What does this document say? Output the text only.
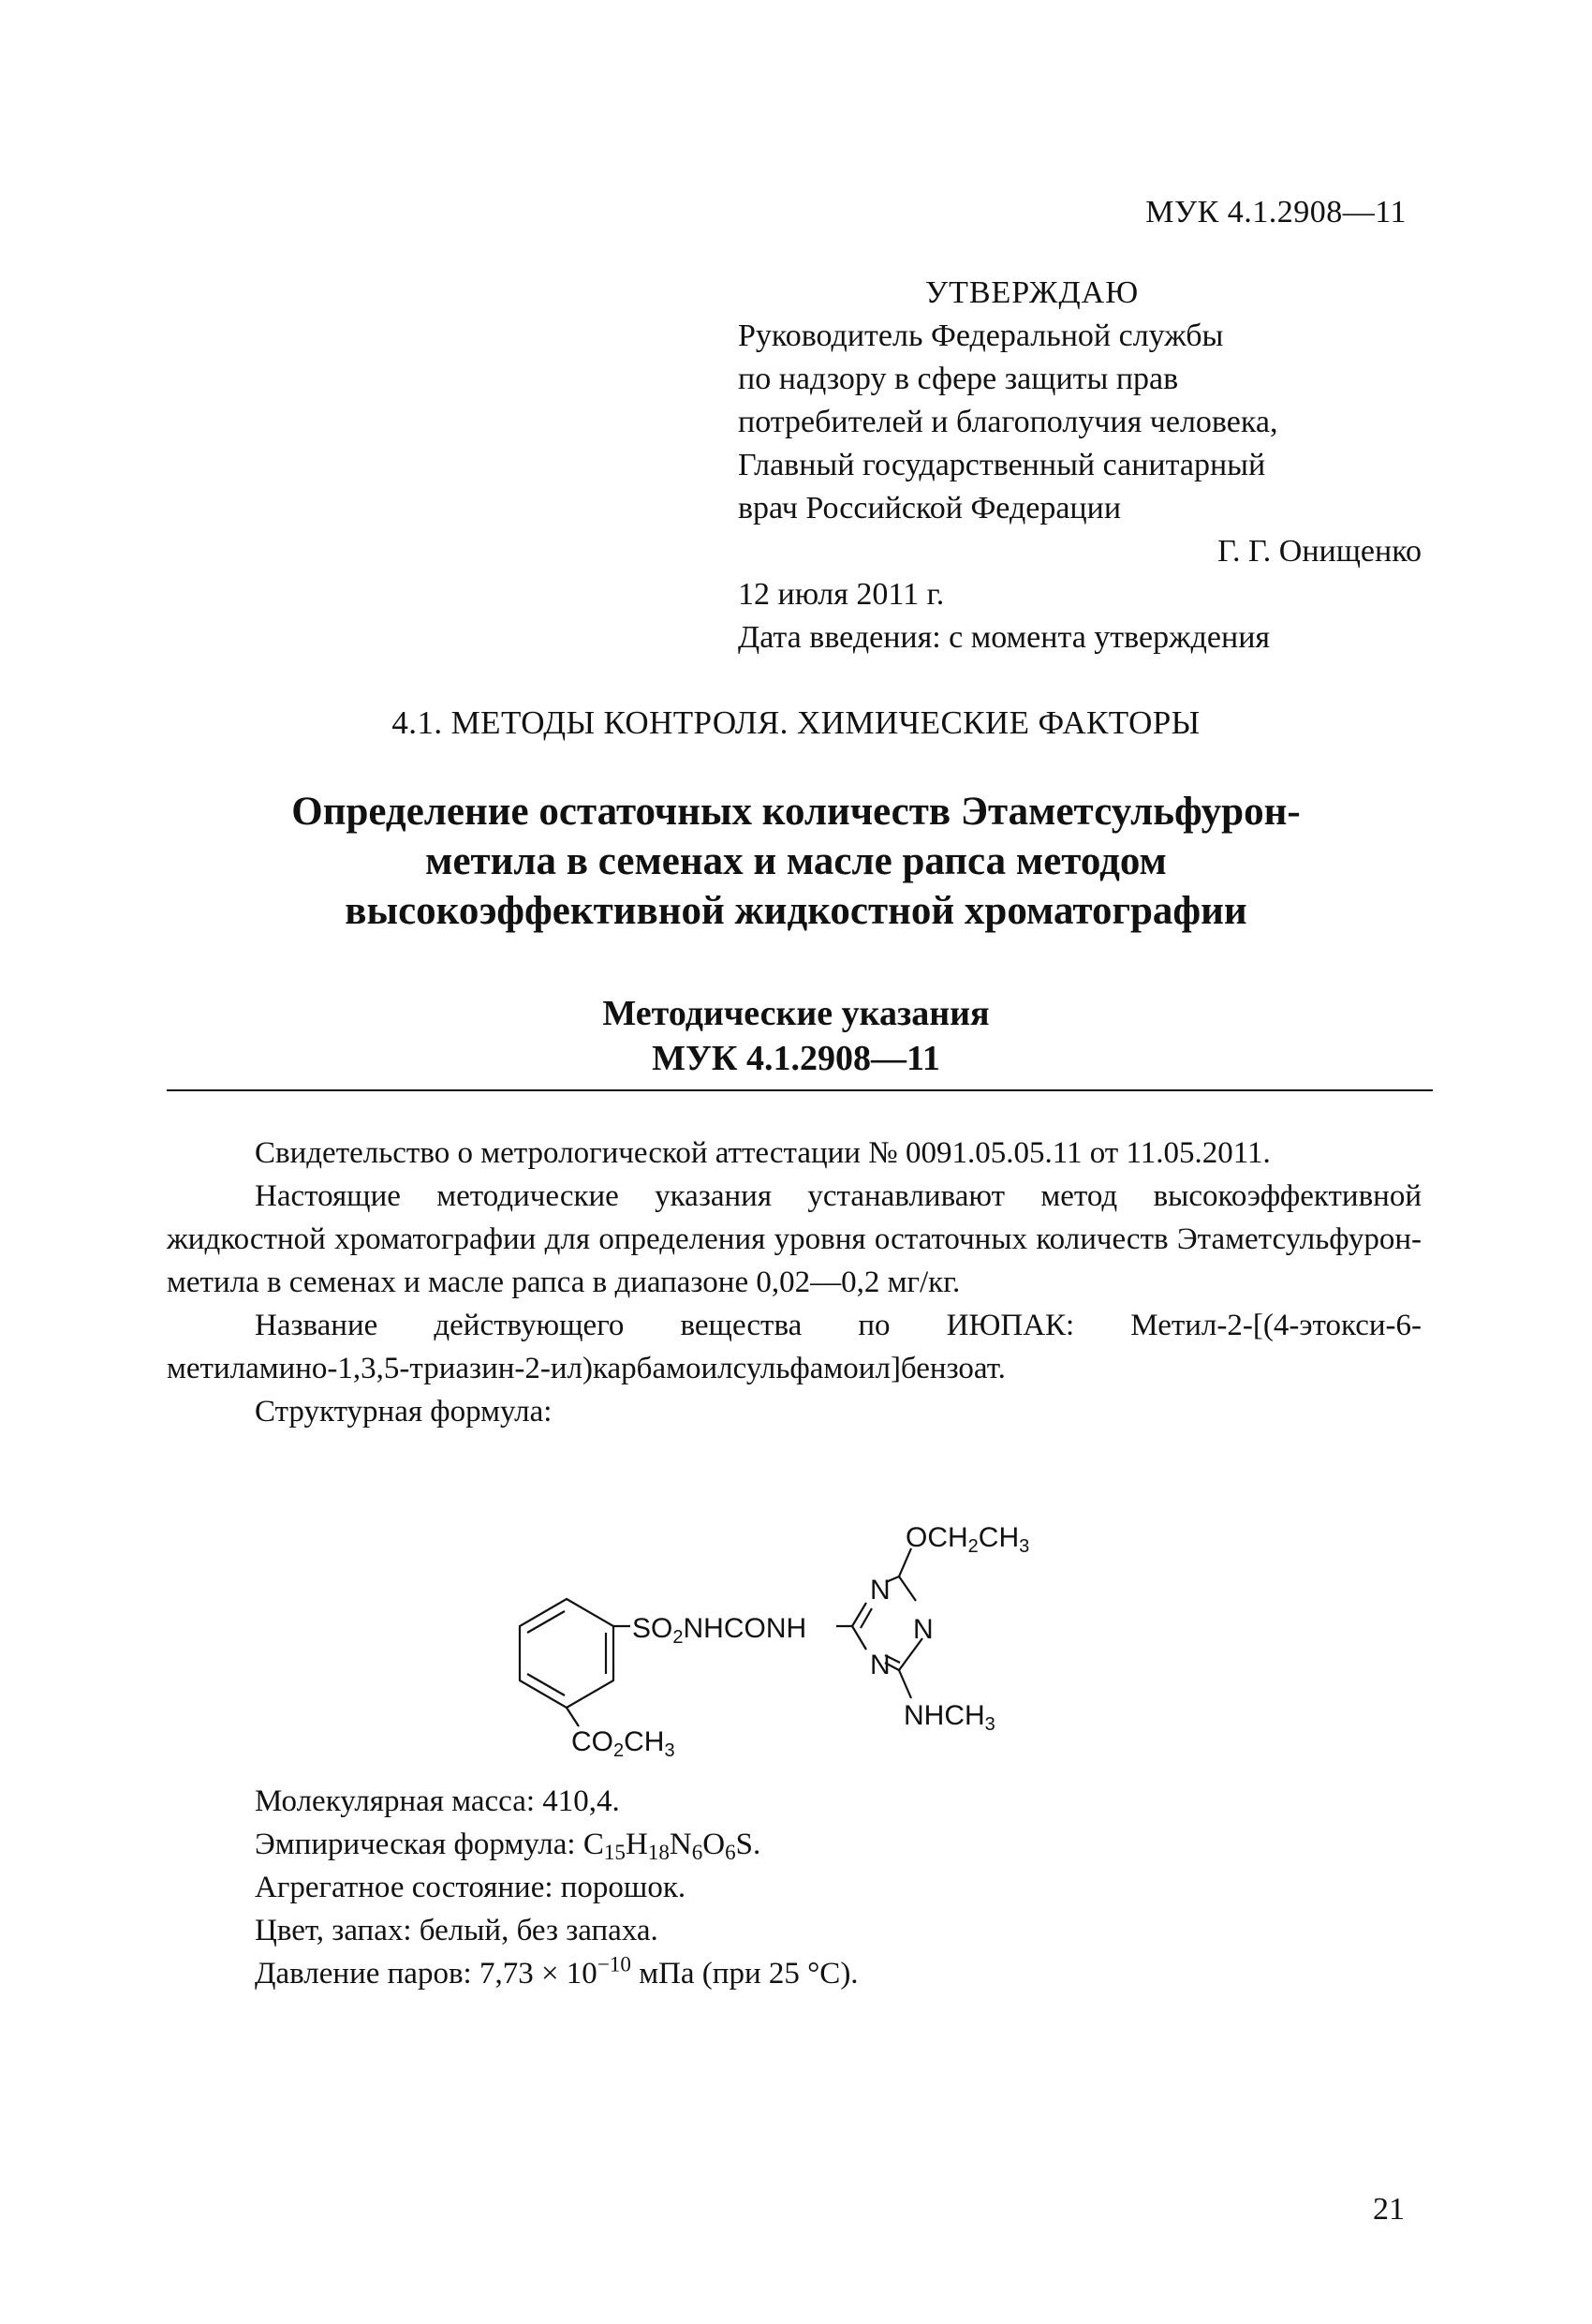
МУК 4.1.2908—11
УТВЕРЖДАЮ
Руководитель Федеральной службы
по надзору в сфере защиты прав
потребителей и благополучия человека,
Главный государственный санитарный
врач Российской Федерации
Г. Г. Онищенко
12 июля 2011 г.
Дата введения: с момента утверждения
4.1. МЕТОДЫ КОНТРОЛЯ. ХИМИЧЕСКИЕ ФАКТОРЫ
Определение остаточных количеств Этаметсульфурон-
метила в семенах и масле рапса методом
высокоэффективной жидкостной хроматографии
Методические указания
МУК 4.1.2908—11

Свидетельство о метрологической аттестации № 0091.05.05.11 от 11.05.2011.

Настоящие методические указания устанавливают метод высокоэффективной жидкостной хроматографии для определения уровня остаточных количеств Этаметсульфурон-метила в семенах и масле рапса в диапазоне 0,02—0,2 мг/кг.

Название действующего вещества по ИЮПАК: Метил-2-[(4-этокси-6-метиламино-1,3,5-триазин-2-ил)карбамоилсульфамоил]бензоат.

Структурная формула:

$SO_2NHCONH$
N
N
N
$OCH_2CH_3$
$CO_2CH_3$
$NHCH_3$
Молекулярная масса: 410,4.
Эмпирическая формула: $C_{15}H_{18}N_6O_6S$.
Агрегатное состояние: порошок.
Цвет, запах: белый, без запаха.
Давление паров: $7,73 \times 10^{-10}$ мПа (при 25 °С).
21
